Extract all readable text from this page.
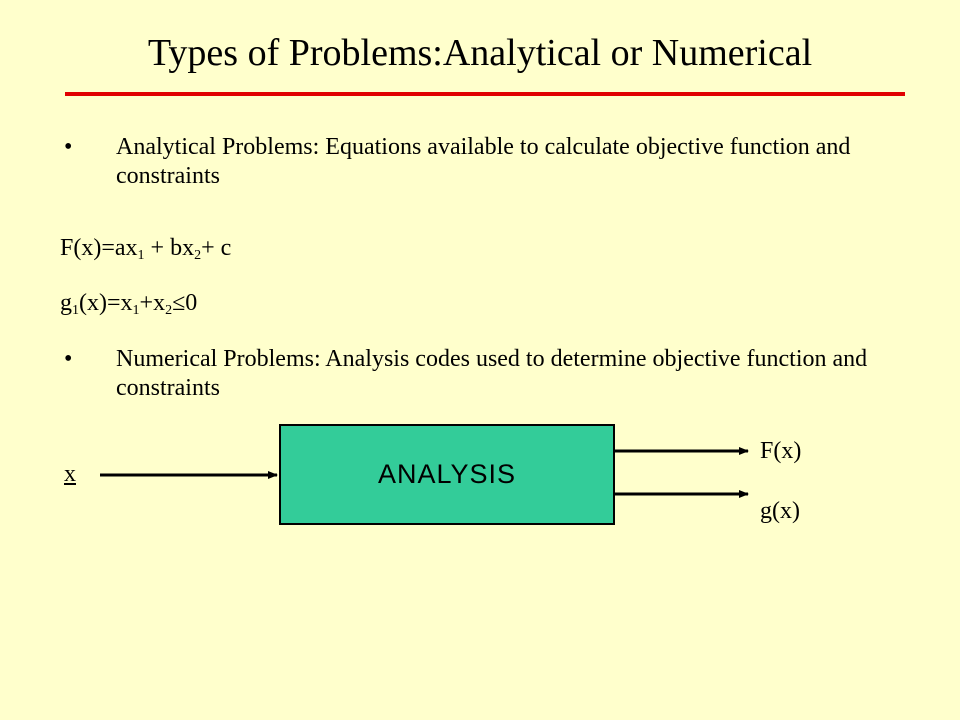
Types of Problems:Analytical or Numerical
• Analytical Problems: Equations available to calculate objective function and constraints
$F(x)=ax_1 + bx_2+ c$
$g_1(x)=x_1+x_2\le 0$
• Numerical Problems: Analysis codes used to determine objective function and constraints
x	ANALYSIS
F(x)
g(x)
